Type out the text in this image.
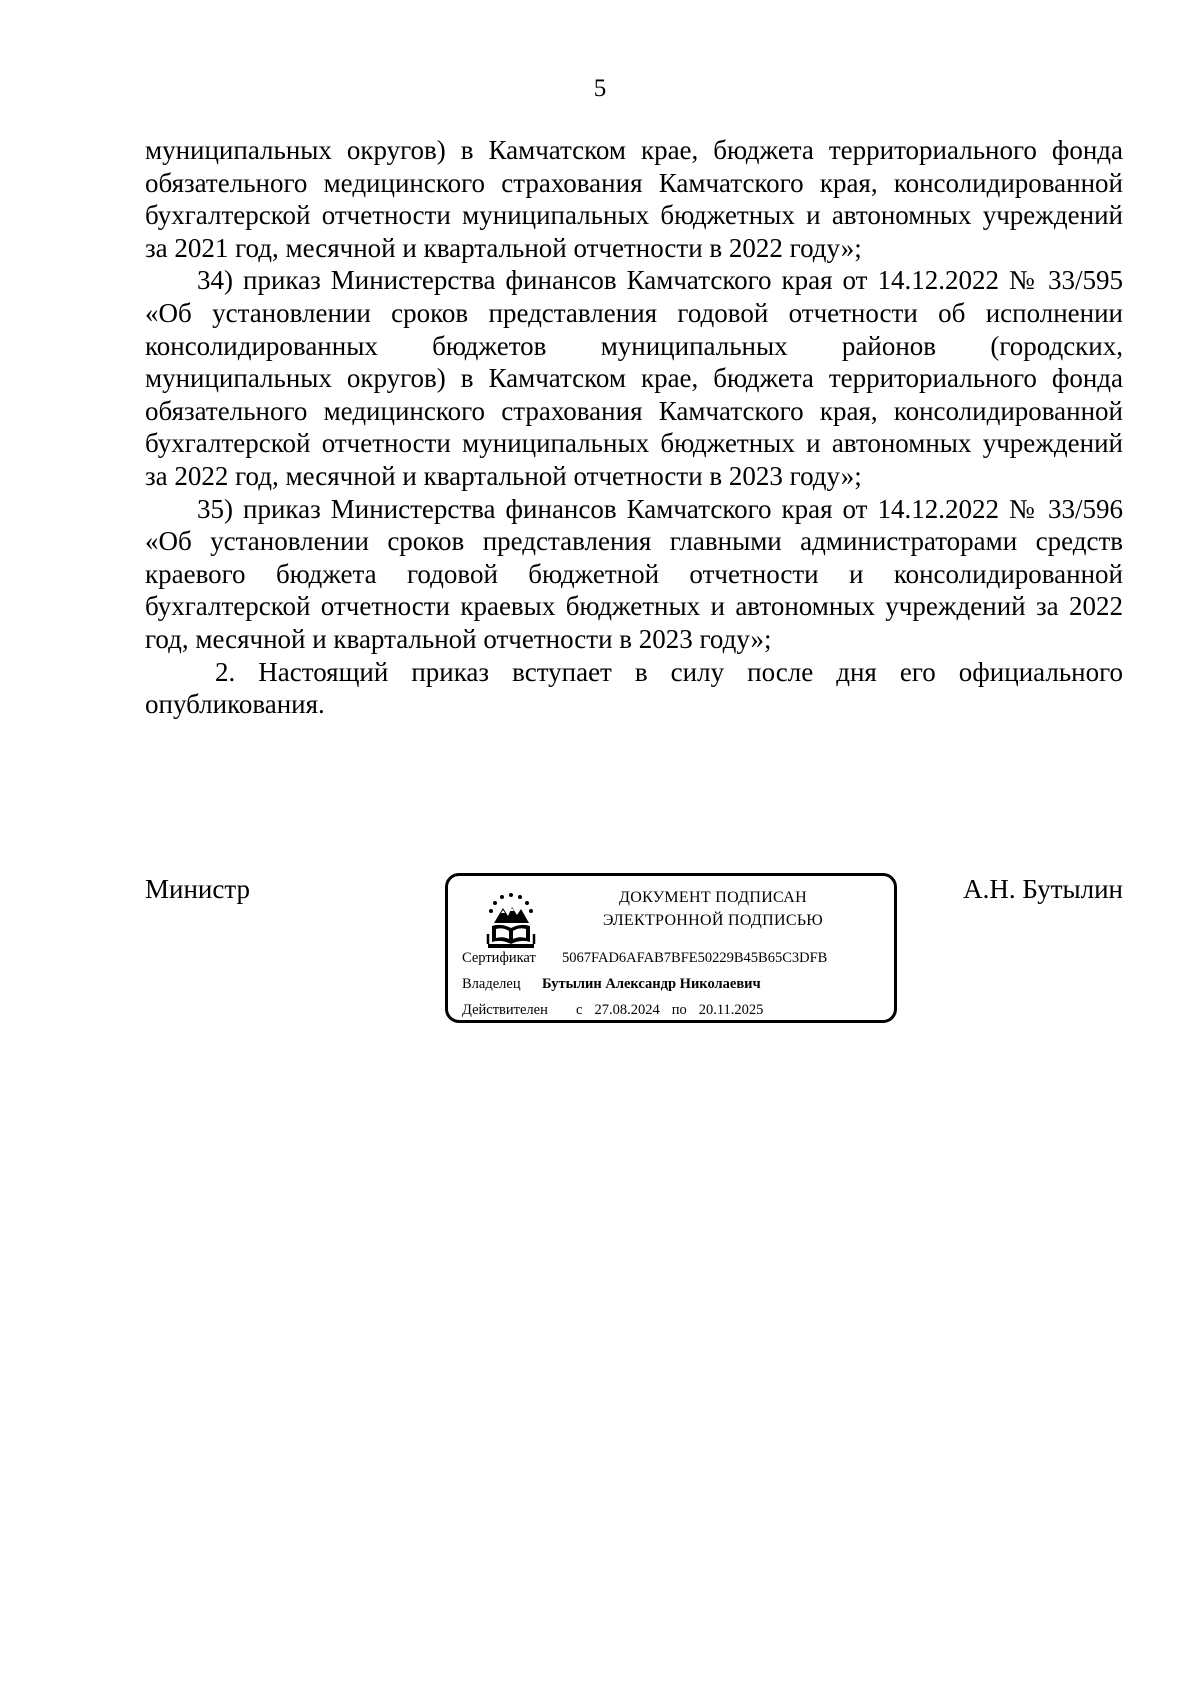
5

муниципальных округов) в Камчатском крае, бюджета территориального фонда обязательного медицинского страхования Камчатского края, консолидированной бухгалтерской отчетности муниципальных бюджетных и автономных учреждений за 2021 год, месячной и квартальной отчетности в 2022 году»;

34) приказ Министерства финансов Камчатского края от 14.12.2022 № 33/595 «Об установлении сроков представления годовой отчетности об исполнении консолидированных бюджетов муниципальных районов (городских, муниципальных округов) в Камчатском крае, бюджета территориального фонда обязательного медицинского страхования Камчатского края, консолидированной бухгалтерской отчетности муниципальных бюджетных и автономных учреждений за 2022 год, месячной и квартальной отчетности в 2023 году»;

35) приказ Министерства финансов Камчатского края от 14.12.2022 № 33/596 «Об установлении сроков представления главными администраторами средств краевого бюджета годовой бюджетной отчетности и консолидированной бухгалтерской отчетности краевых бюджетных и автономных учреждений за 2022 год, месячной и квартальной отчетности в 2023 году»;

2. Настоящий приказ вступает в силу после дня его официального опубликования.

Министр	ДОКУМЕНТ ПОДПИСАН
ЭЛЕКТРОННОЙ ПОДПИСЬЮ
Сертификат 5067FAD6AFAB7BFE50229B45B65C3DFB
Владелец Бутылин Александр Николаевич
Действителен с 27.08.2024 по 20.11.2025
А.Н. Бутылин
